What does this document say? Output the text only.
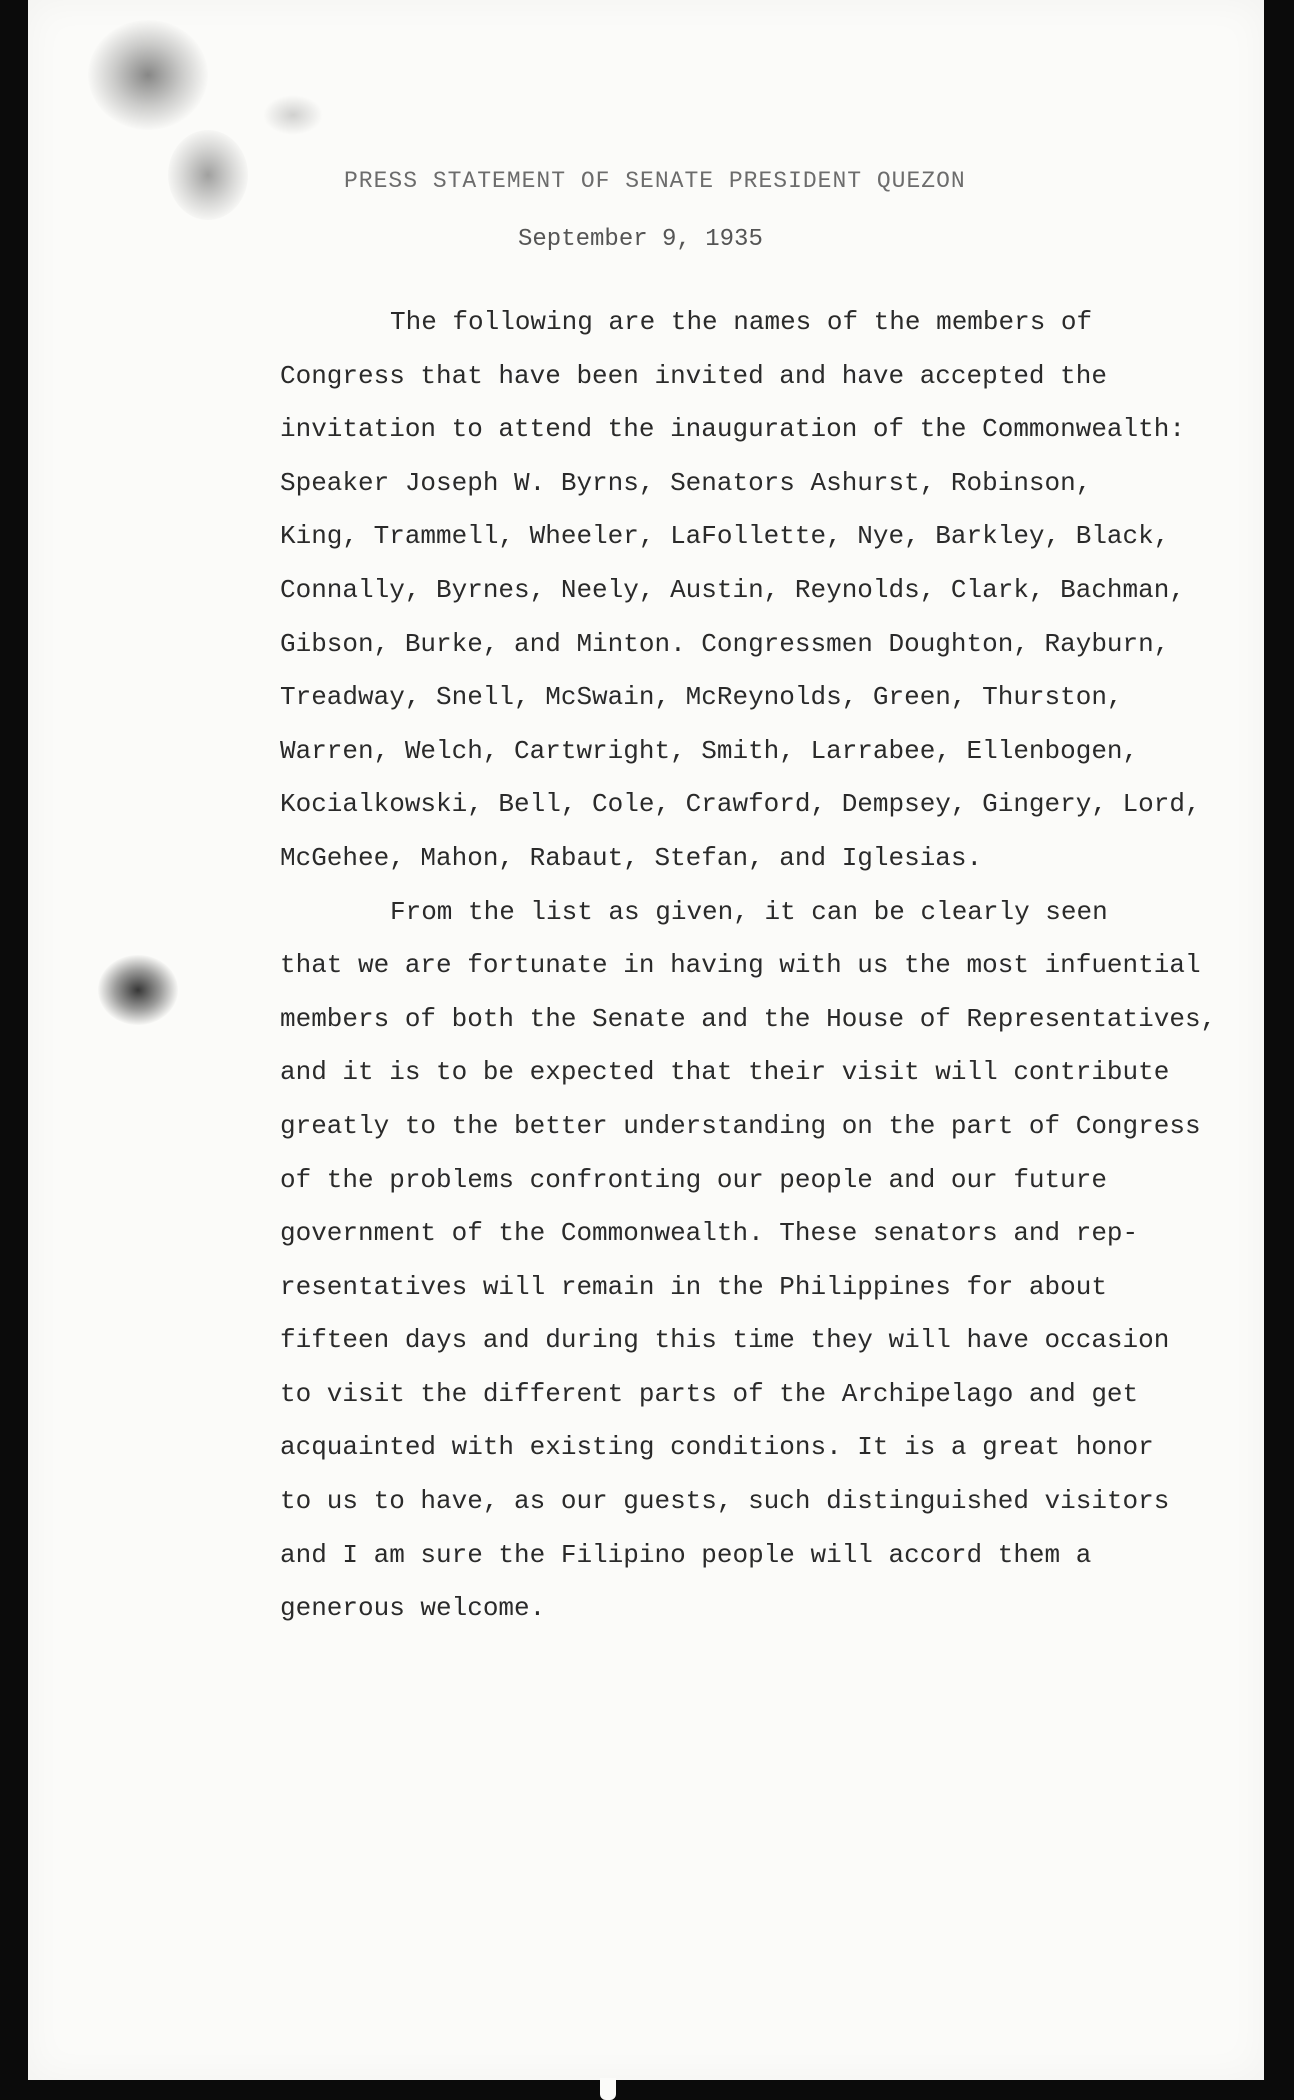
PRESS STATEMENT OF SENATE PRESIDENT QUEZON
September 9, 1935
The following are the names of the members of
Congress that have been invited and have accepted the
invitation to attend the inauguration of the Commonwealth:
Speaker Joseph W. Byrns, Senators Ashurst, Robinson,
King, Trammell, Wheeler, LaFollette, Nye, Barkley, Black,
Connally, Byrnes, Neely, Austin, Reynolds, Clark, Bachman,
Gibson, Burke, and Minton. Congressmen Doughton, Rayburn,
Treadway, Snell, McSwain, McReynolds, Green, Thurston,
Warren, Welch, Cartwright, Smith, Larrabee, Ellenbogen,
Kocialkowski, Bell, Cole, Crawford, Dempsey, Gingery, Lord,
McGehee, Mahon, Rabaut, Stefan, and Iglesias.
From the list as given, it can be clearly seen
that we are fortunate in having with us the most infuential
members of both the Senate and the House of Representatives,
and it is to be expected that their visit will contribute
greatly to the better understanding on the part of Congress
of the problems confronting our people and our future
government of the Commonwealth. These senators and rep-
resentatives will remain in the Philippines for about
fifteen days and during this time they will have occasion
to visit the different parts of the Archipelago and get
acquainted with existing conditions. It is a great honor
to us to have, as our guests, such distinguished visitors
and I am sure the Filipino people will accord them a
generous welcome.
